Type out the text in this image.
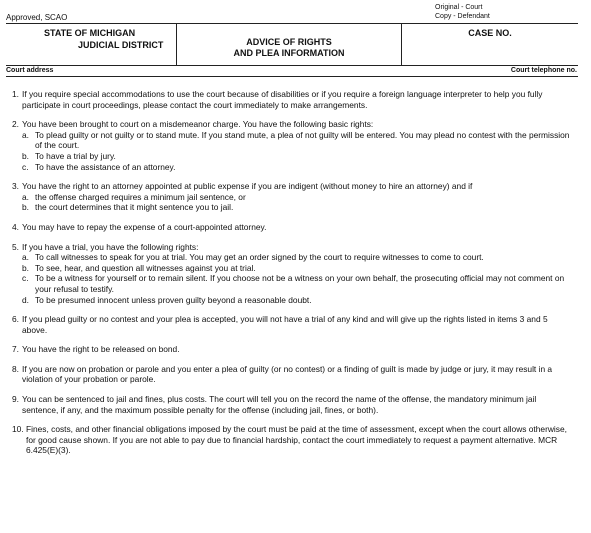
Approved, SCAO
Original - Court
Copy - Defendant
STATE OF MICHIGAN
JUDICIAL DISTRICT	ADVICE OF RIGHTS
AND PLEA INFORMATION
CASE NO.
Court address	Court telephone no.
1. If you require special accommodations to use the court because of disabilities or if you require a foreign language interpreter to help you fully participate in court proceedings, please contact the court immediately to make arrangements.
2. You have been brought to court on a misdemeanor charge. You have the following basic rights:
a. To plead guilty or not guilty or to stand mute. If you stand mute, a plea of not guilty will be entered. You may plead no contest with the permission of the court.
b. To have a trial by jury.
c. To have the assistance of an attorney.
3. You have the right to an attorney appointed at public expense if you are indigent (without money to hire an attorney) and if
a. the offense charged requires a minimum jail sentence, or
b. the court determines that it might sentence you to jail.
4. You may have to repay the expense of a court-appointed attorney.
5. If you have a trial, you have the following rights:
a. To call witnesses to speak for you at trial. You may get an order signed by the court to require witnesses to come to court.
b. To see, hear, and question all witnesses against you at trial.
c. To be a witness for yourself or to remain silent. If you choose not be a witness on your own behalf, the prosecuting official may not comment on your refusal to testify.
d. To be presumed innocent unless proven guilty beyond a reasonable doubt.
6. If you plead guilty or no contest and your plea is accepted, you will not have a trial of any kind and will give up the rights listed in items 3 and 5 above.
7. You have the right to be released on bond.
8. If you are now on probation or parole and you enter a plea of guilty (or no contest) or a finding of guilt is made by judge or jury, it may result in a violation of your probation or parole.
9. You can be sentenced to jail and fines, plus costs. The court will tell you on the record the name of the offense, the mandatory minimum jail sentence, if any, and the maximum possible penalty for the offense (including jail, fines, or both).
10. Fines, costs, and other financial obligations imposed by the court must be paid at the time of assessment, except when the court allows otherwise, for good cause shown. If you are not able to pay due to financial hardship, contact the court immediately to request a payment alternative. MCR 6.425(E)(3).
